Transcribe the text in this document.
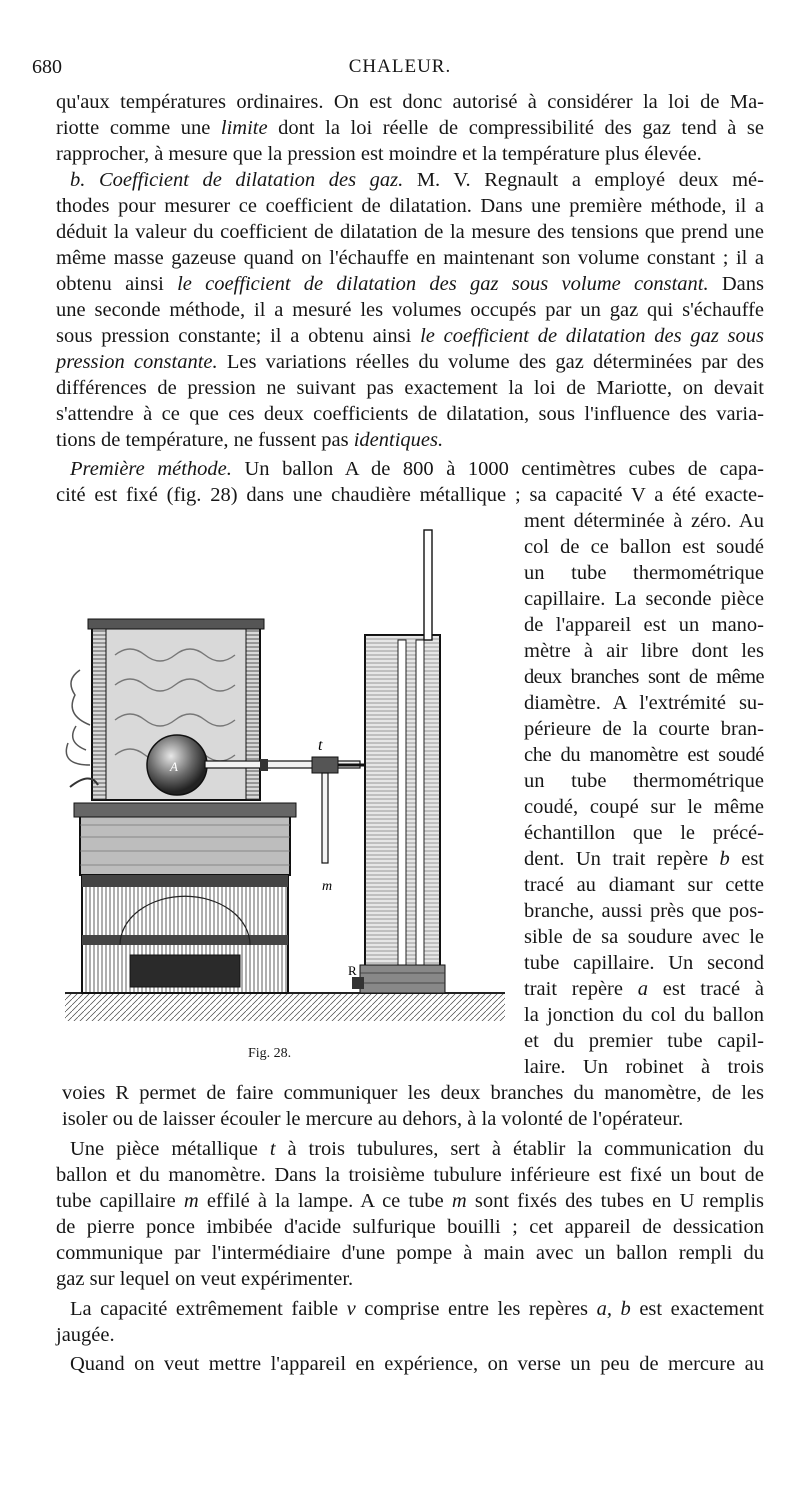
680	CHALEUR.
qu'aux températures ordinaires. On est donc autorisé à considérer la loi de Ma-
riotte comme une limite dont la loi réelle de compressibilité des gaz tend à se
rapprocher, à mesure que la pression est moindre et la température plus élevée.
b. Coefficient de dilatation des gaz. M. V. Regnault a employé deux mé-
thodes pour mesurer ce coefficient de dilatation. Dans une première méthode, il a
déduit la valeur du coefficient de dilatation de la mesure des tensions que prend une
même masse gazeuse quand on l'échauffe en maintenant son volume constant ; il a
obtenu ainsi le coefficient de dilatation des gaz sous volume constant. Dans
une seconde méthode, il a mesuré les volumes occupés par un gaz qui s'échauffe
sous pression constante; il a obtenu ainsi le coefficient de dilatation des gaz sous
pression constante. Les variations réelles du volume des gaz déterminées par des
différences de pression ne suivant pas exactement la loi de Mariotte, on devait
s'attendre à ce que ces deux coefficients de dilatation, sous l'influence des varia-
tions de température, ne fussent pas identiques.
Première méthode. Un ballon A de 800 à 1000 centimètres cubes de capa-
cité est fixé (fig. 28) dans une chaudière métallique ; sa capacité V a été exacte-
ment déterminée à zéro. Au
col de ce ballon est soudé
un tube thermométrique
capillaire. La seconde pièce
de l'appareil est un mano-
mètre à air libre dont les
deux branches sont de même
diamètre. A l'extrémité su-
périeure de la courte bran-
che du manomètre est soudé
un tube thermométrique
coudé, coupé sur le même
échantillon que le précé-
dent. Un trait repère b est
tracé au diamant sur cette
branche, aussi près que pos-
sible de sa soudure avec le
tube capillaire. Un second
trait repère a est tracé à
la jonction du col du ballon
et du premier tube capil-
laire. Un robinet à trois
voies R permet de faire communiquer les deux branches du manomètre, de les
isoler ou de laisser écouler le mercure au dehors, à la volonté de l'opérateur.
Une pièce métallique t à trois tubulures, sert à établir la communication du
ballon et du manomètre. Dans la troisième tubulure inférieure est fixé un bout de
tube capillaire m effilé à la lampe. A ce tube m sont fixés des tubes en U remplis
de pierre ponce imbibée d'acide sulfurique bouilli ; cet appareil de dessication
communique par l'intermédiaire d'une pompe à main avec un ballon rempli du
gaz sur lequel on veut expérimenter.
La capacité extrêmement faible v comprise entre les repères a, b est exactement
jaugée.
Quand on veut mettre l'appareil en expérience, on verse un peu de mercure au
A
t
m
R
Fig. 28.
